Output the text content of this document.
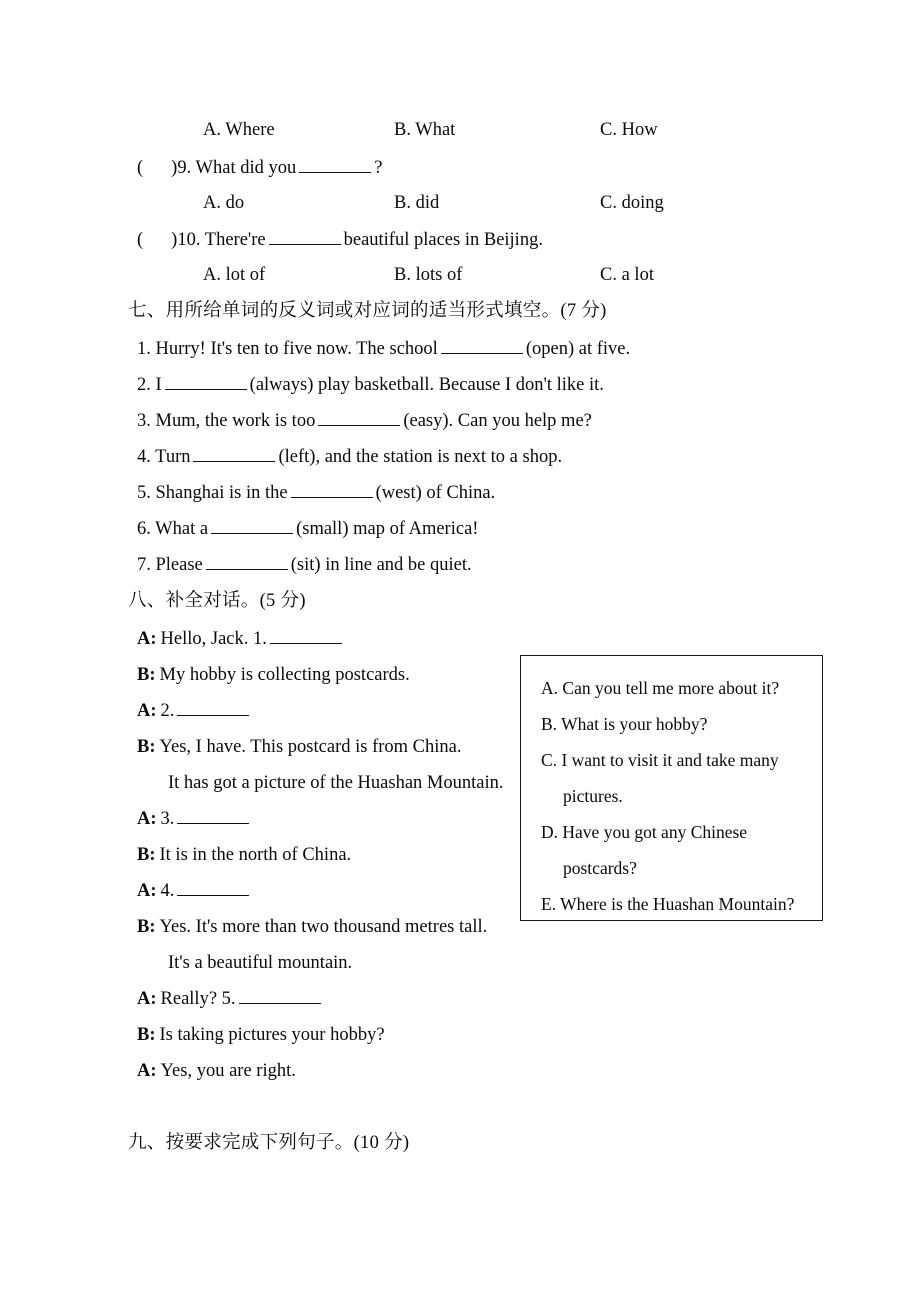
A. Where	B. What	C. How
( )9. What did you	?
A. do	B. did	C. doing
( )10. There're	beautiful places in Beijing.
A. lot of	B. lots of	C. a lot
七、用所给单词的反义词或对应词的适当形式填空。(7 分)
1. Hurry! It's ten to five now. The school	(open) at five.
2. I	(always) play basketball. Because I don't like it.
3. Mum, the work is too	(easy). Can you help me?
4. Turn	(left), and the station is next to a shop.
5. Shanghai is in the	(west) of China.
6. What a	(small) map of America!
7. Please	(sit) in line and be quiet.
八、补全对话。(5 分)
A: Hello, Jack. 1.
B: My hobby is collecting postcards.
A: 2.
B: Yes, I have. This postcard is from China.
It has got a picture of the Huashan Mountain.
A: 3.
B: It is in the north of China.
A: 4.
B: Yes. It's more than two thousand metres tall.
It's a beautiful mountain.
A: Really? 5.
B: Is taking pictures your hobby?
A: Yes, you are right.
A. Can you tell me more about it?
B. What is your hobby?
C. I want to visit it and take many
pictures.
D. Have you got any Chinese
postcards?
E. Where is the Huashan Mountain?
九、按要求完成下列句子。(10 分)
